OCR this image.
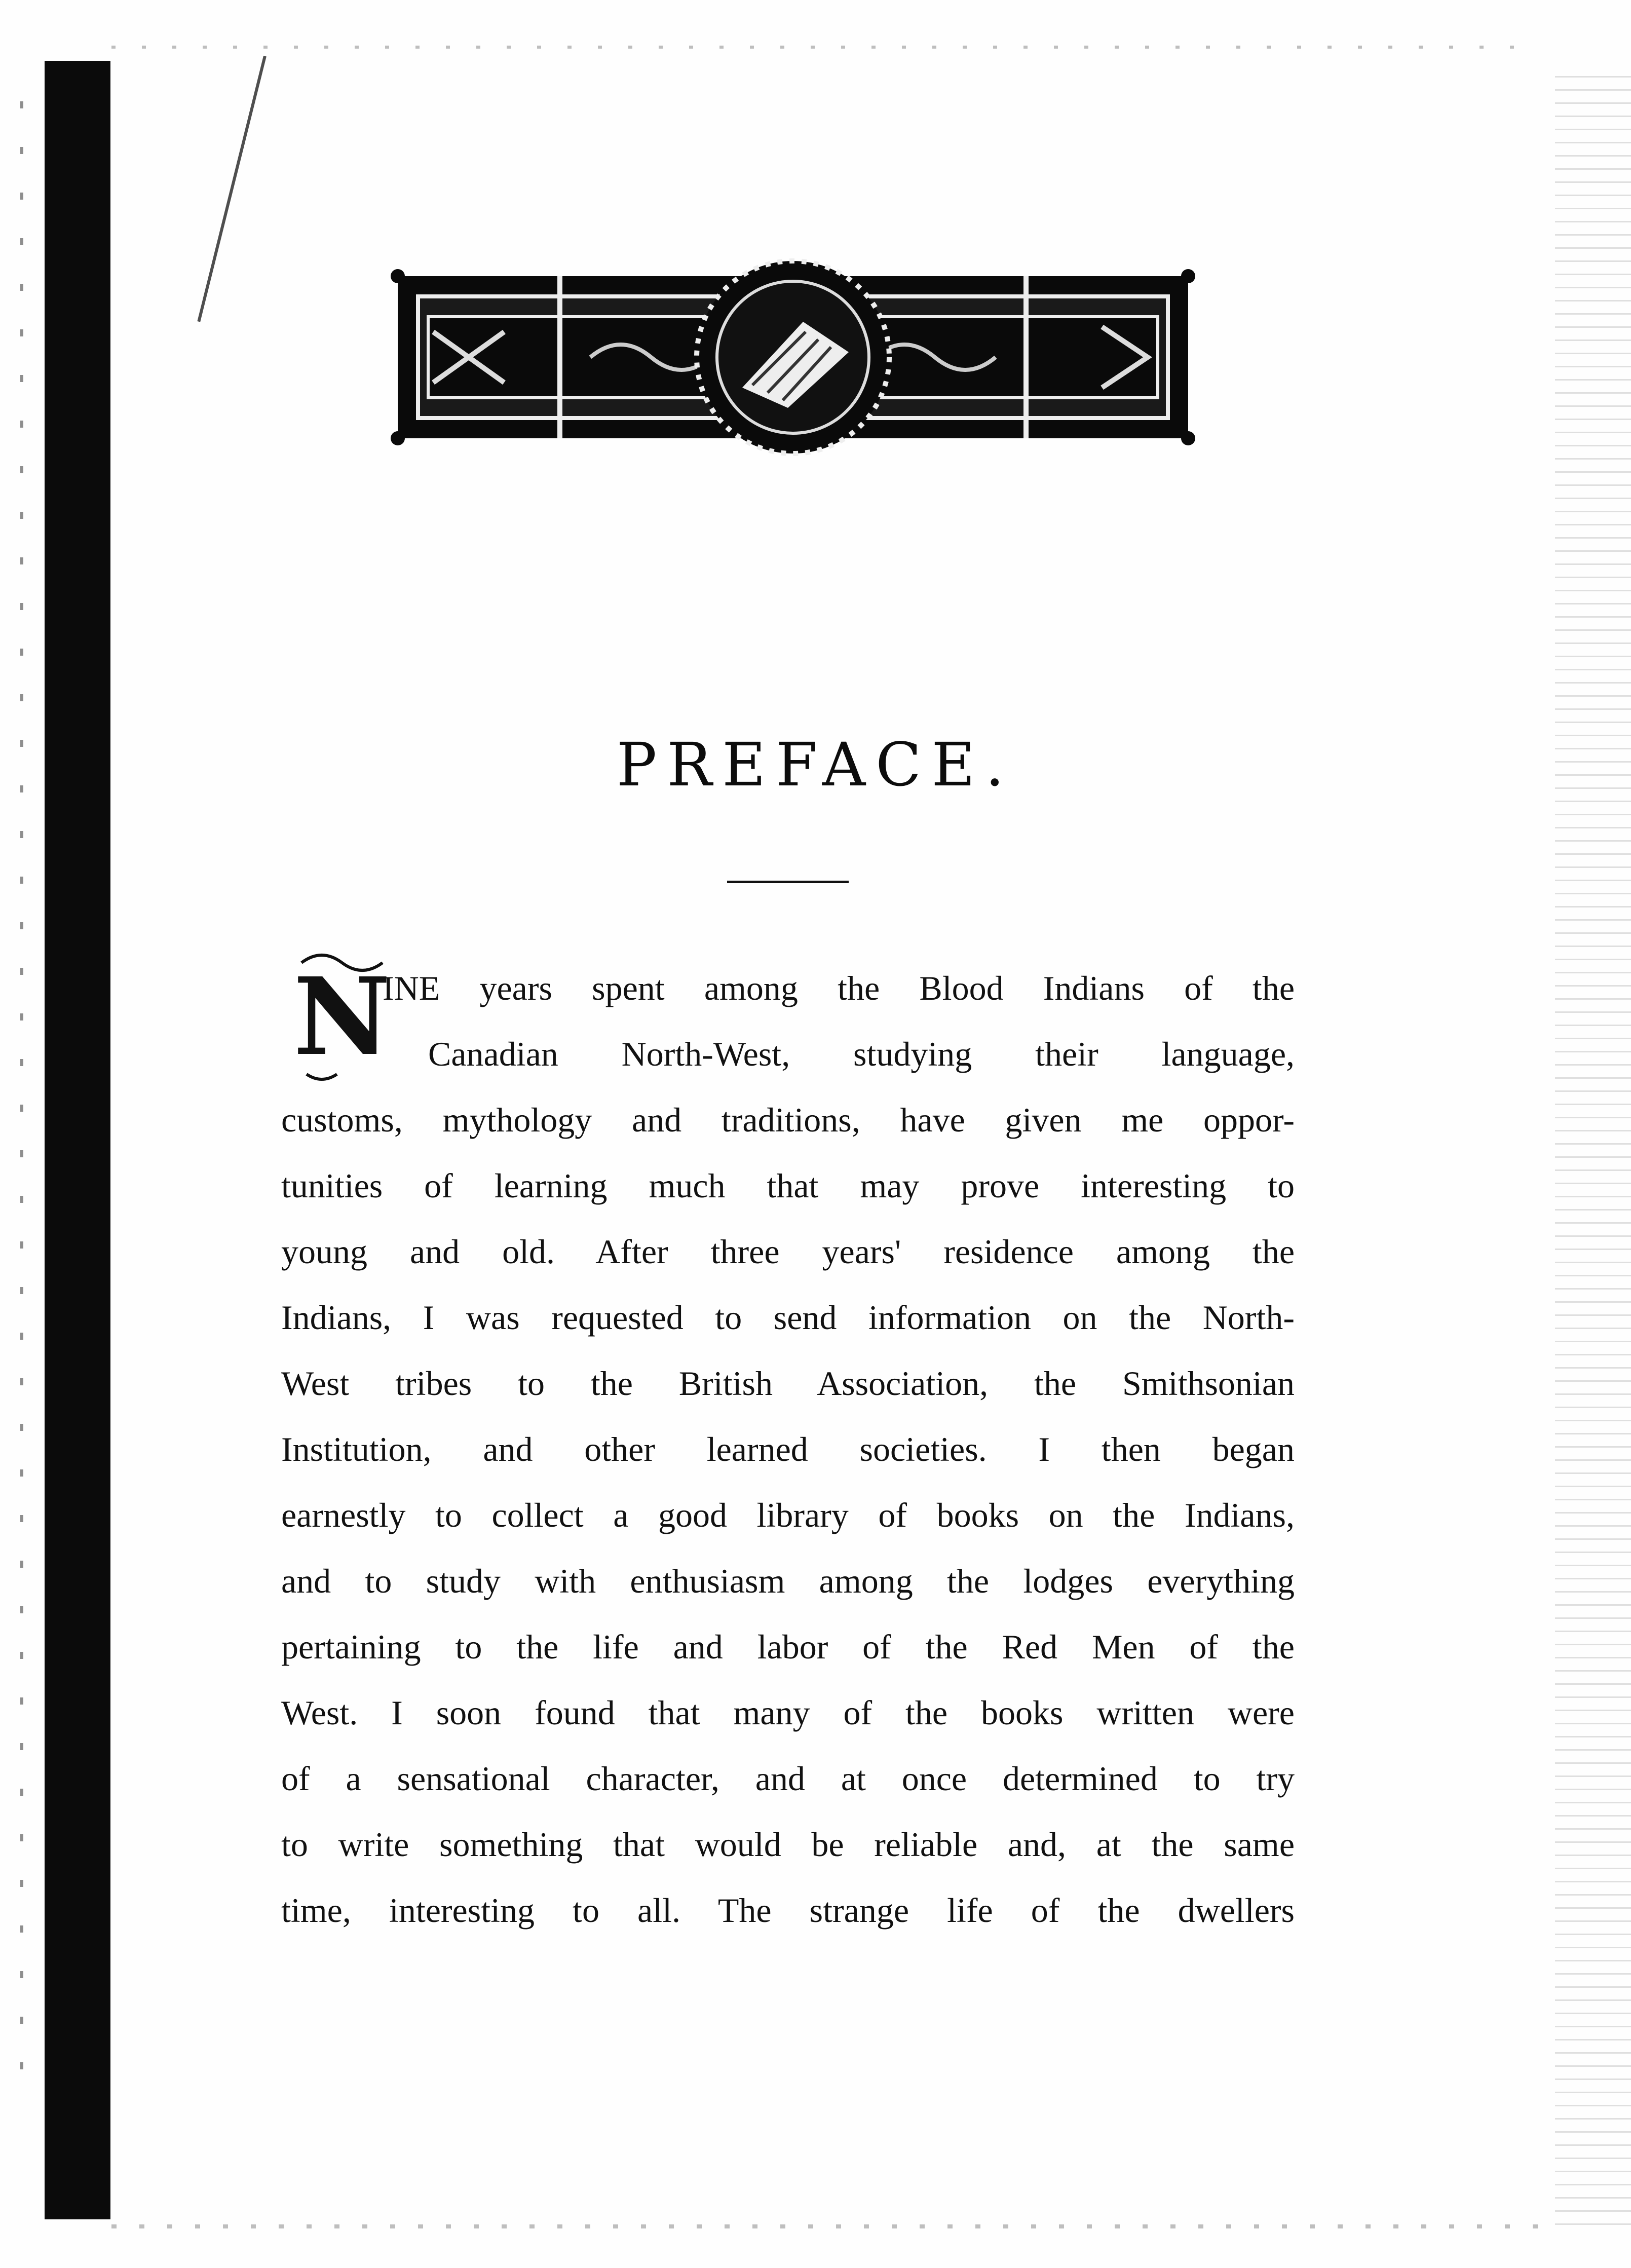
PREFACE.
N
INE years spent among the Blood Indians of the
Canadian North-West, studying their language,
customs, mythology and traditions, have given me oppor-
tunities of learning much that may prove interesting to
young and old. After three years' residence among the
Indians, I was requested to send information on the North-
West tribes to the British Association, the Smithsonian
Institution, and other learned societies. I then began
earnestly to collect a good library of books on the Indians,
and to study with enthusiasm among the lodges everything
pertaining to the life and labor of the Red Men of the
West. I soon found that many of the books written were
of a sensational character, and at once determined to try
to write something that would be reliable and, at the same
time, interesting to all. The strange life of the dwellers
